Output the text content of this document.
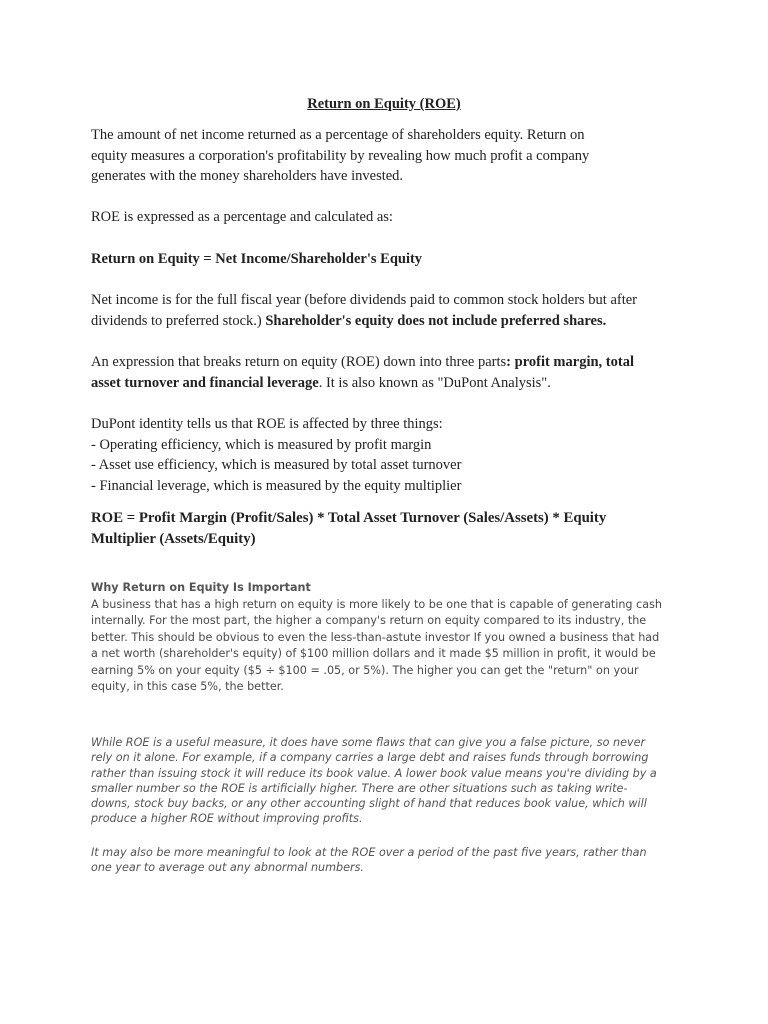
Return on Equity (ROE)

The amount of net income returned as a percentage of shareholders equity. Return on
equity measures a corporation's profitability by revealing how much profit a company
generates with the money shareholders have invested.

ROE is expressed as a percentage and calculated as:

Return on Equity = Net Income/Shareholder's Equity

Net income is for the full fiscal year (before dividends paid to common stock holders but after
dividends to preferred stock.) Shareholder's equity does not include preferred shares.

An expression that breaks return on equity (ROE) down into three parts: profit margin, total
asset turnover and financial leverage. It is also known as "DuPont Analysis".

DuPont identity tells us that ROE is affected by three things:
- Operating efficiency, which is measured by profit margin
- Asset use efficiency, which is measured by total asset turnover
- Financial leverage, which is measured by the equity multiplier

ROE = Profit Margin (Profit/Sales) * Total Asset Turnover (Sales/Assets) * Equity
Multiplier (Assets/Equity)

Why Return on Equity Is Important
A business that has a high return on equity is more likely to be one that is capable of generating cash
internally. For the most part, the higher a company's return on equity compared to its industry, the
better. This should be obvious to even the less-than-astute investor If you owned a business that had
a net worth (shareholder's equity) of $100 million dollars and it made $5 million in profit, it would be
earning 5% on your equity ($5 ÷ $100 = .05, or 5%). The higher you can get the "return" on your
equity, in this case 5%, the better.
While ROE is a useful measure, it does have some flaws that can give you a false picture, so never
rely on it alone. For example, if a company carries a large debt and raises funds through borrowing
rather than issuing stock it will reduce its book value. A lower book value means you're dividing by a
smaller number so the ROE is artificially higher. There are other situations such as taking write-
downs, stock buy backs, or any other accounting slight of hand that reduces book value, which will
produce a higher ROE without improving profits.
It may also be more meaningful to look at the ROE over a period of the past five years, rather than
one year to average out any abnormal numbers.
